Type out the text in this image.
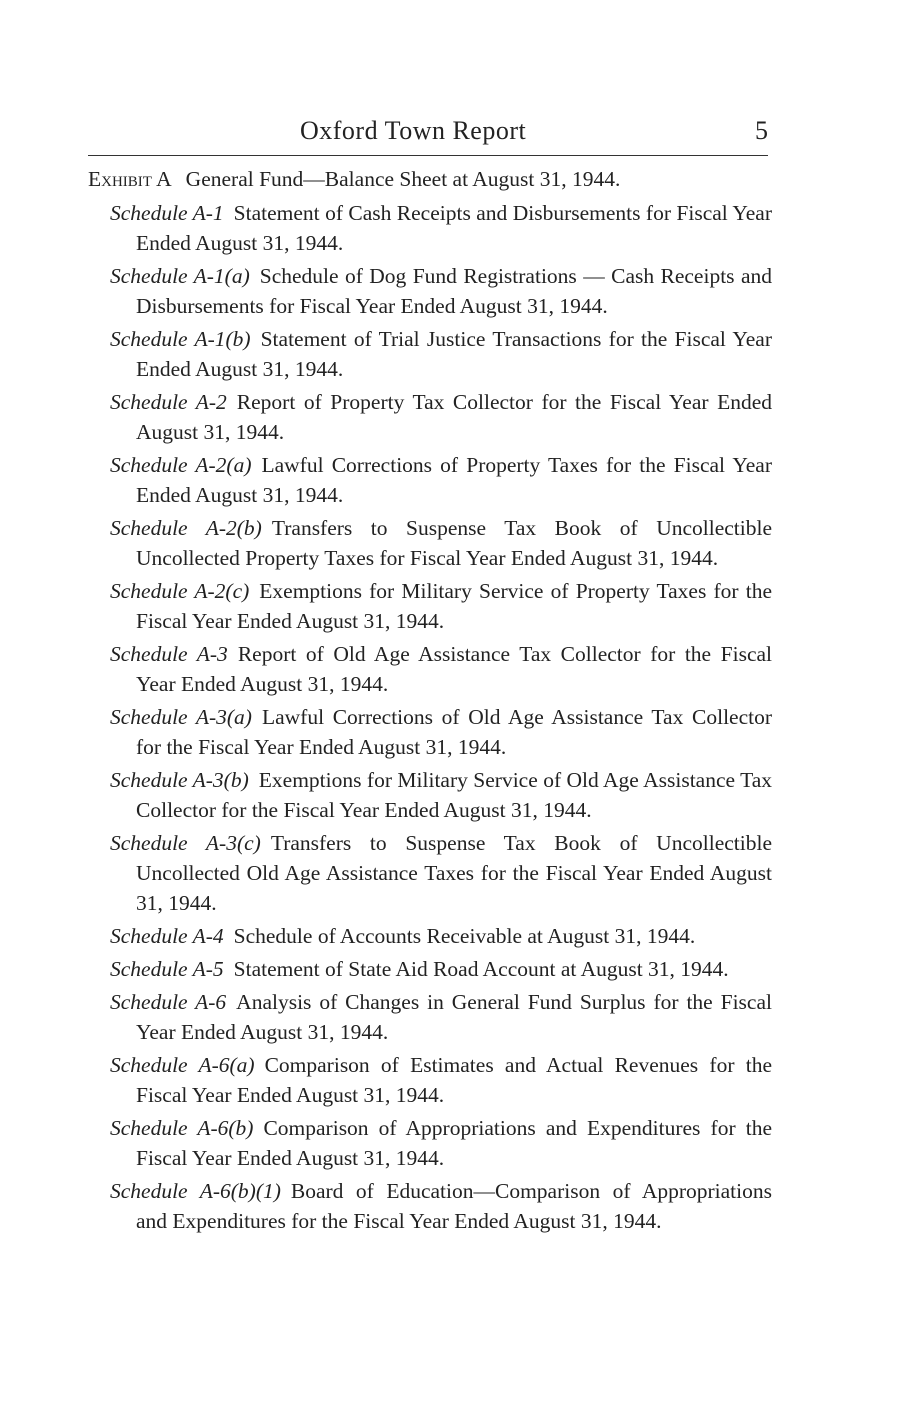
Oxford Town Report	5

Exhibit A General Fund—Balance Sheet at August 31, 1944.

Schedule A-1 Statement of Cash Receipts and Disbursements for Fiscal Year Ended August 31, 1944.

Schedule A-1(a) Schedule of Dog Fund Registrations — Cash Receipts and Disbursements for Fiscal Year Ended August 31, 1944.

Schedule A-1(b) Statement of Trial Justice Transactions for the Fiscal Year Ended August 31, 1944.

Schedule A-2 Report of Property Tax Collector for the Fiscal Year Ended August 31, 1944.

Schedule A-2(a) Lawful Corrections of Property Taxes for the Fiscal Year Ended August 31, 1944.

Schedule A-2(b) Transfers to Suspense Tax Book of Uncollectible Uncollected Property Taxes for Fiscal Year Ended August 31, 1944.

Schedule A-2(c) Exemptions for Military Service of Property Taxes for the Fiscal Year Ended August 31, 1944.

Schedule A-3 Report of Old Age Assistance Tax Collector for the Fiscal Year Ended August 31, 1944.

Schedule A-3(a) Lawful Corrections of Old Age Assistance Tax Collector for the Fiscal Year Ended August 31, 1944.

Schedule A-3(b) Exemptions for Military Service of Old Age Assistance Tax Collector for the Fiscal Year Ended August 31, 1944.

Schedule A-3(c) Transfers to Suspense Tax Book of Uncollectible Uncollected Old Age Assistance Taxes for the Fiscal Year Ended August 31, 1944.

Schedule A-4 Schedule of Accounts Receivable at August 31, 1944.

Schedule A-5 Statement of State Aid Road Account at August 31, 1944.

Schedule A-6 Analysis of Changes in General Fund Surplus for the Fiscal Year Ended August 31, 1944.

Schedule A-6(a) Comparison of Estimates and Actual Revenues for the Fiscal Year Ended August 31, 1944.

Schedule A-6(b) Comparison of Appropriations and Expenditures for the Fiscal Year Ended August 31, 1944.

Schedule A-6(b)(1) Board of Education—Comparison of Appropriations and Expenditures for the Fiscal Year Ended August 31, 1944.
